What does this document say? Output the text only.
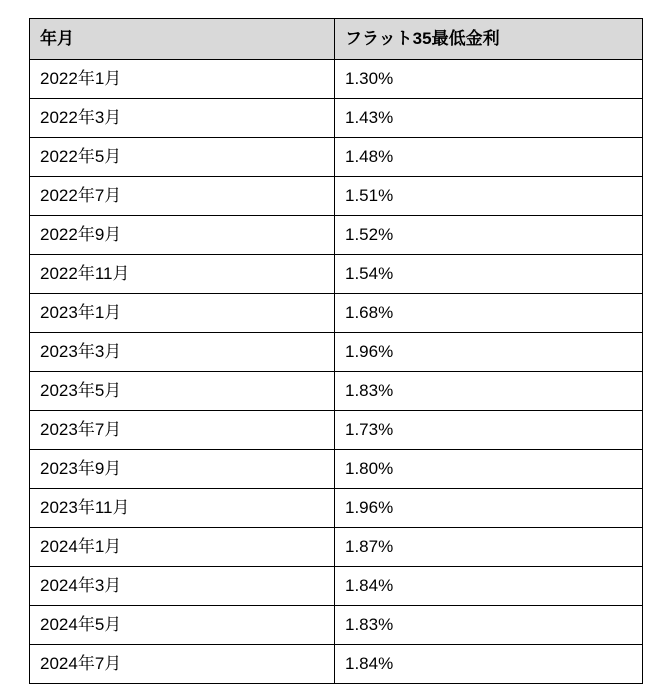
年月	フラット35最低金利
2022年1月	1.30%
2022年3月	1.43%
2022年5月	1.48%
2022年7月	1.51%
2022年9月	1.52%
2022年11月	1.54%
2023年1月	1.68%
2023年3月	1.96%
2023年5月	1.83%
2023年7月	1.73%
2023年9月	1.80%
2023年11月	1.96%
2024年1月	1.87%
2024年3月	1.84%
2024年5月	1.83%
2024年7月	1.84%
